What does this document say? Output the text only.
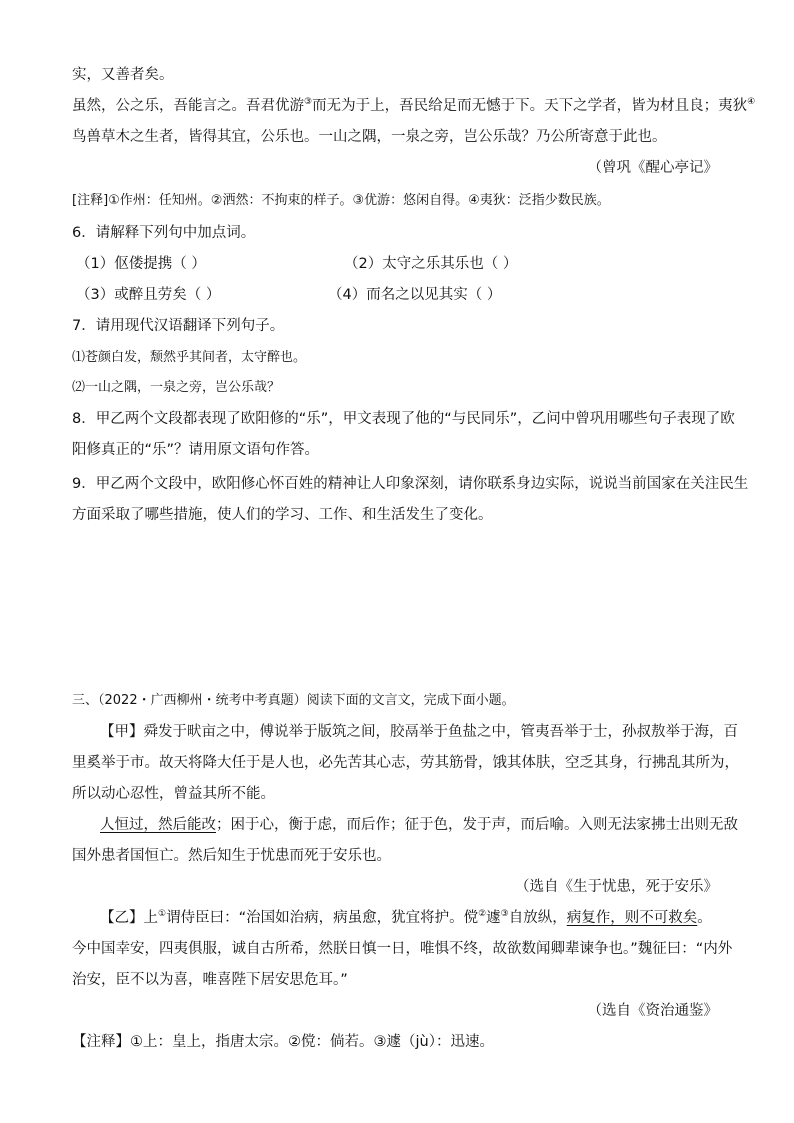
实，又善者矣。
虽然，公之乐，吾能言之。吾君优游③而无为于上，吾民给足而无憾于下。天下之学者，皆为材且良；夷狄④
鸟兽草木之生者，皆得其宜，公乐也。一山之隅，一泉之旁，岂公乐哉？乃公所寄意于此也。
（曾巩《醒心亭记》
[注释]①作州：任知州。②洒然：不拘束的样子。③优游：悠闲自得。④夷狄：泛指少数民族。
6．请解释下列句中加点词。
（1）伛偻提携（ ）	（2）太守之乐其乐也（ ）
（3）或醉且劳矣（ ）	（4）而名之以见其实（ ）
7．请用现代汉语翻译下列句子。
⑴苍颜白发，颓然乎其间者，太守醉也。
⑵一山之隅，一泉之旁，岂公乐哉？
8．甲乙两个文段都表现了欧阳修的“乐”，甲文表现了他的“与民同乐”，乙问中曾巩用哪些句子表现了欧
阳修真正的“乐”？请用原文语句作答。
9．甲乙两个文段中，欧阳修心怀百姓的精神让人印象深刻，请你联系身边实际，说说当前国家在关注民生
方面采取了哪些措施，使人们的学习、工作、和生活发生了变化。
三、（2022・广西柳州・统考中考真题）阅读下面的文言文，完成下面小题。
【甲】舜发于畎亩之中，傅说举于版筑之间，胶鬲举于鱼盐之中，管夷吾举于士，孙叔敖举于海，百
里奚举于市。故天将降大任于是人也，必先苦其心志，劳其筋骨，饿其体肤，空乏其身，行拂乱其所为，
所以动心忍性，曾益其所不能。
人恒过，然后能改；困于心，衡于虑，而后作；征于色，发于声，而后喻。入则无法家拂士出则无敌
国外患者国恒亡。然后知生于忧患而死于安乐也。
（选自《生于忧患，死于安乐》
【乙】上①谓侍臣曰：“治国如治病，病虽愈，犹宜将护。傥②遽③自放纵，病复作，则不可救矣。
今中国幸安，四夷俱服，诚自古所希，然朕日慎一日，唯惧不终，故欲数闻卿辈谏争也。”魏征曰：“内外
治安，臣不以为喜，唯喜陛下居安思危耳。”
（选自《资治通鉴》
【注释】①上：皇上，指唐太宗。②傥：倘若。③遽（jù）：迅速。
